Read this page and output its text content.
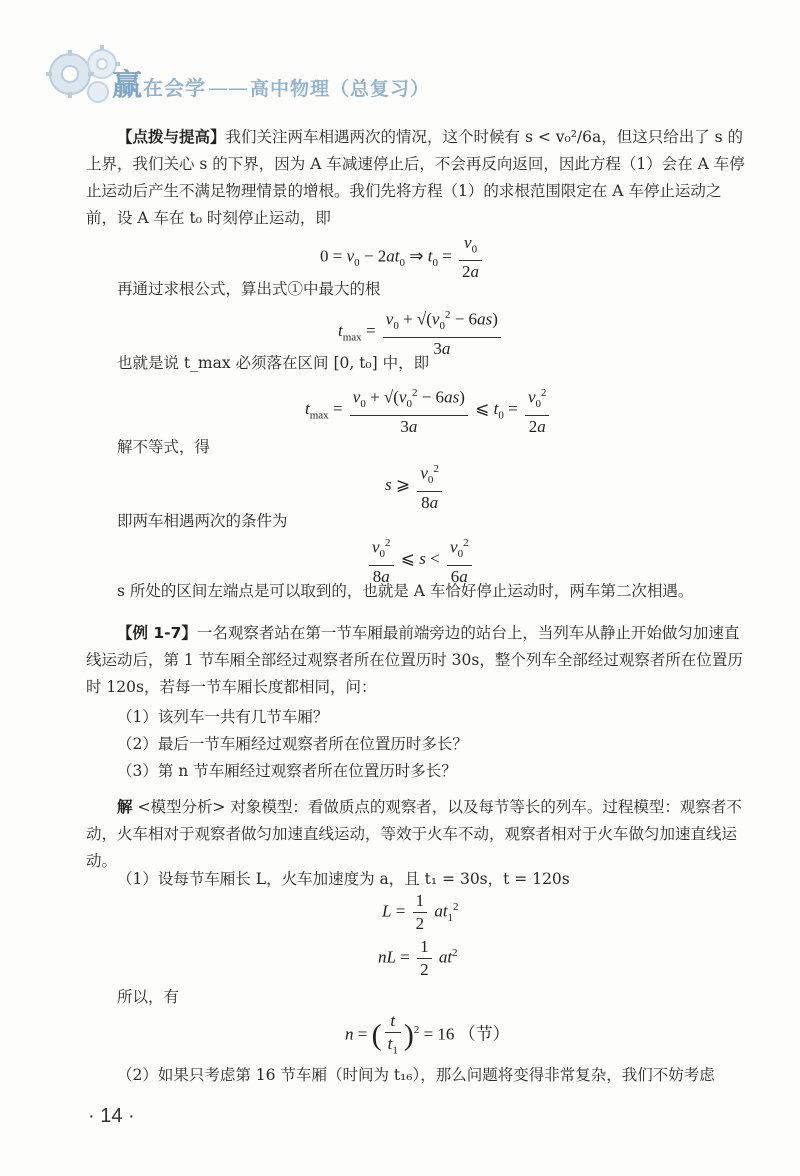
赢 在会学 —— 高中物理（总复习）
【点拨与提高】我们关注两车相遇两次的情况，这个时候有 s < v₀²/6a，但这只给出了 s 的上界，我们关心 s 的下界，因为 A 车减速停止后，不会再反向返回，因此方程（1）会在 A 车停止运动后产生不满足物理情景的增根。我们先将方程（1）的求根范围限定在 A 车停止运动之前，设 A 车在 t₀ 时刻停止运动，即
$0 = v_0 - 2at_0$ ⇒ $t_0 = \frac{v_0}{2a}$
再通过求根公式，算出式①中最大的根
$t_{max} = \frac{v_0 + √(v_0^2 - 6as)}{3a}$
也就是说 t_max 必须落在区间 [0, t₀] 中，即
$t_{max} = \frac{v_0 + √(v_0^2 - 6as)}{3a}$ ⩽ $t_0 = \frac{v_0^2}{2a}$
解不等式，得
s ⩾ $\frac{v_0^2}{8a}$
即两车相遇两次的条件为
$\frac{v_0^2}{8a}$ ⩽ $s < \frac{v_0^2}{6a}$
s 所处的区间左端点是可以取到的，也就是 A 车恰好停止运动时，两车第二次相遇。
【例 1-7】一名观察者站在第一节车厢最前端旁边的站台上，当列车从静止开始做匀加速直线运动后，第 1 节车厢全部经过观察者所在位置历时 30s，整个列车全部经过观察者所在位置历时 120s，若每一节车厢长度都相同，问：
（1）该列车一共有几节车厢？
（2）最后一节车厢经过观察者所在位置历时多长？
（3）第 n 节车厢经过观察者所在位置历时多长？
解 <模型分析> 对象模型：看做质点的观察者，以及每节等长的列车。过程模型：观察者不动，火车相对于观察者做匀加速直线运动，等效于火车不动，观察者相对于火车做匀加速直线运动。
（1）设每节车厢长 L，火车加速度为 a，且 t₁ = 30s，t = 120s
$L = \frac{1}{2} at_1^2$
nL = $\frac{1}{2} at^2$
所以，有
n = ( $\frac{t}{t_1} )^2 = 16$ （节）
（2）如果只考虑第 16 节车厢（时间为 t₁₆），那么问题将变得非常复杂，我们不妨考虑
· 14 ·
